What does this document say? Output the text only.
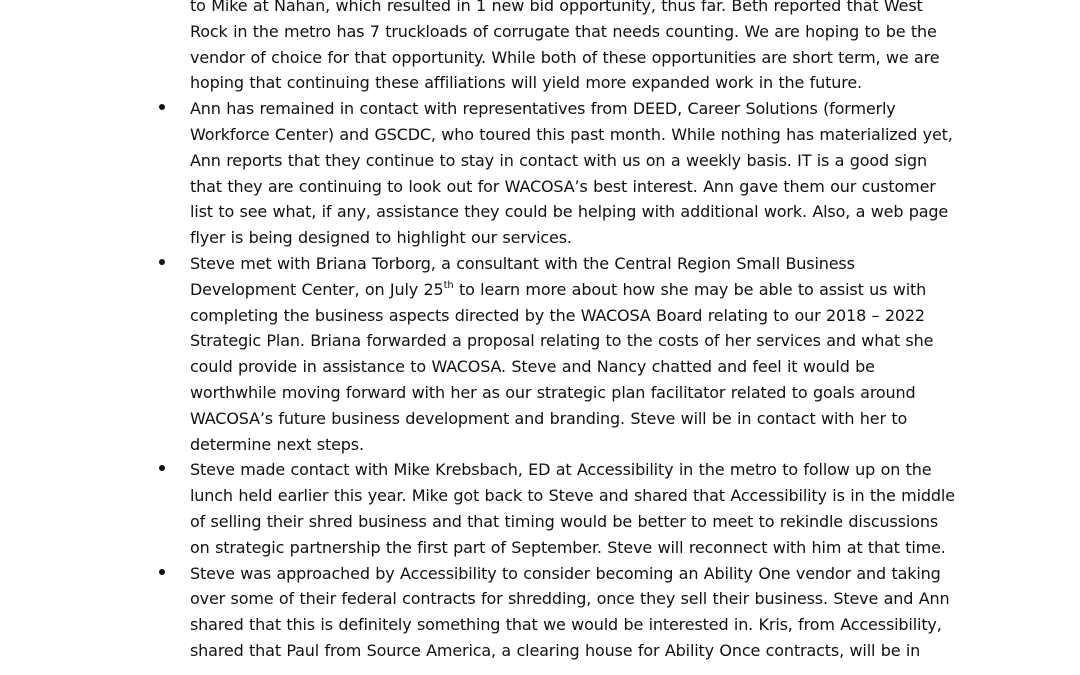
to Mike at Nahan, which resulted in 1 new bid opportunity, thus far. Beth reported that West
Rock in the metro has 7 truckloads of corrugate that needs counting. We are hoping to be the
vendor of choice for that opportunity. While both of these opportunities are short term, we are
hoping that continuing these affiliations will yield more expanded work in the future.
Ann has remained in contact with representatives from DEED, Career Solutions (formerly
Workforce Center) and GSCDC, who toured this past month. While nothing has materialized yet,
Ann reports that they continue to stay in contact with us on a weekly basis. IT is a good sign
that they are continuing to look out for WACOSA’s best interest. Ann gave them our customer
list to see what, if any, assistance they could be helping with additional work. Also, a web page
flyer is being designed to highlight our services.
Steve met with Briana Torborg, a consultant with the Central Region Small Business
Development Center, on July 25th to learn more about how she may be able to assist us with
completing the business aspects directed by the WACOSA Board relating to our 2018 – 2022
Strategic Plan. Briana forwarded a proposal relating to the costs of her services and what she
could provide in assistance to WACOSA. Steve and Nancy chatted and feel it would be
worthwhile moving forward with her as our strategic plan facilitator related to goals around
WACOSA’s future business development and branding. Steve will be in contact with her to
determine next steps.
Steve made contact with Mike Krebsbach, ED at Accessibility in the metro to follow up on the
lunch held earlier this year. Mike got back to Steve and shared that Accessibility is in the middle
of selling their shred business and that timing would be better to meet to rekindle discussions
on strategic partnership the first part of September. Steve will reconnect with him at that time.
Steve was approached by Accessibility to consider becoming an Ability One vendor and taking
over some of their federal contracts for shredding, once they sell their business. Steve and Ann
shared that this is definitely something that we would be interested in. Kris, from Accessibility,
shared that Paul from Source America, a clearing house for Ability Once contracts, will be in
